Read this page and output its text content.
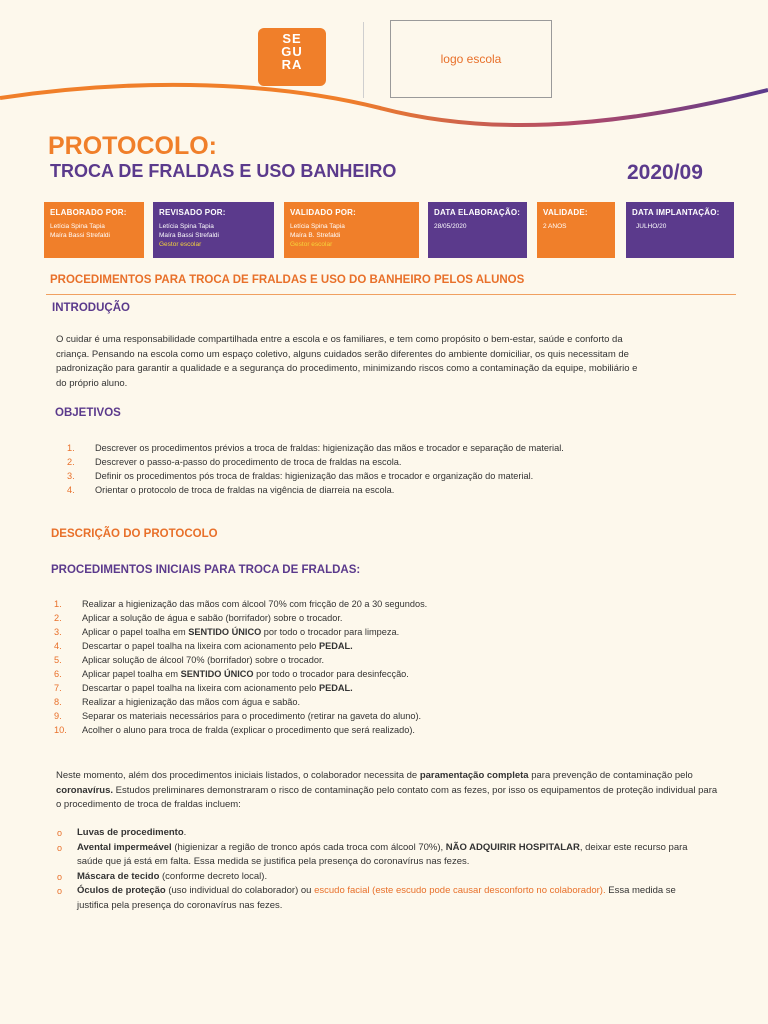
SE
GU
RA	logo escola
PROTOCOLO:
TROCA DE FRALDAS E USO BANHEIRO	2020/09
ELABORADO POR:
Letícia Spina Tapia
Maíra Bassi Strefaldi
REVISADO POR:
Letícia Spina Tapia
Maíra Bassi Strefaldi
Gestor escolar
VALIDADO POR:
Letícia Spina Tapia
Maíra B. Strefaldi
Gestor escolar
DATA ELABORAÇÃO:
28/05/2020
VALIDADE:
2 ANOS
DATA IMPLANTAÇÃO:
JULHO/20
PROCEDIMENTOS PARA TROCA DE FRALDAS E USO DO BANHEIRO PELOS ALUNOS
INTRODUÇÃO
O cuidar é uma responsabilidade compartilhada entre a escola e os familiares, e tem como propósito o bem-estar, saúde e conforto da
criança. Pensando na escola como um espaço coletivo, alguns cuidados serão diferentes do ambiente domiciliar, os quis necessitam de
padronização para garantir a qualidade e a segurança do procedimento, minimizando riscos como a contaminação da equipe, mobiliário e
do próprio aluno.
OBJETIVOS
1.	Descrever os procedimentos prévios a troca de fraldas: higienização das mãos e trocador e separação de material.
2.	Descrever o passo-a-passo do procedimento de troca de fraldas na escola.
3.	Definir os procedimentos pós troca de fraldas: higienização das mãos e trocador e organização do material.
4.	Orientar o protocolo de troca de fraldas na vigência de diarreia na escola.
DESCRIÇÃO DO PROTOCOLO
PROCEDIMENTOS INICIAIS PARA TROCA DE FRALDAS:
1.	Realizar a higienização das mãos com álcool 70% com fricção de 20 a 30 segundos.
2.	Aplicar a solução de água e sabão (borrifador) sobre o trocador.
3.	Aplicar o papel toalha em SENTIDO ÚNICO por todo o trocador para limpeza.
4.	Descartar o papel toalha na lixeira com acionamento pelo PEDAL.
5.	Aplicar solução de álcool 70% (borrifador) sobre o trocador.
6.	Aplicar papel toalha em SENTIDO ÚNICO por todo o trocador para desinfecção.
7.	Descartar o papel toalha na lixeira com acionamento pelo PEDAL.
8.	Realizar a higienização das mãos com água e sabão.
9.	Separar os materiais necessários para o procedimento (retirar na gaveta do aluno).
10.	Acolher o aluno para troca de fralda (explicar o procedimento que será realizado).
Neste momento, além dos procedimentos iniciais listados, o colaborador necessita de paramentação completa para prevenção de contaminação pelo coronavírus. Estudos preliminares demonstraram o risco de contaminação pelo contato com as fezes, por isso os equipamentos de proteção individual para o procedimento de troca de fraldas incluem:
o	Luvas de procedimento.
o	Avental impermeável (higienizar a região de tronco após cada troca com álcool 70%), NÃO ADQUIRIR HOSPITALAR, deixar este recurso para saúde que já está em falta. Essa medida se justifica pela presença do coronavírus nas fezes.
o	Máscara de tecido (conforme decreto local).
o	Óculos de proteção (uso individual do colaborador) ou escudo facial (este escudo pode causar desconforto no colaborador). Essa medida se justifica pela presença do coronavírus nas fezes.
